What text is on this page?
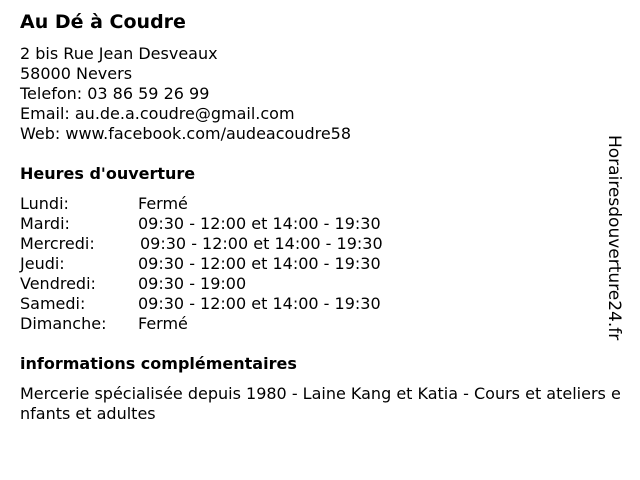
Au Dé à Coudre
2 bis Rue Jean Desveaux
58000 Nevers
Telefon: 03 86 59 26 99
Email: au.de.a.coudre@gmail.com
Web: www.facebook.com/audeacoudre58
Heures d'ouverture
Lundi:	Fermé
Mardi:	09:30 - 12:00 et 14:00 - 19:30
Mercredi:	09:30 - 12:00 et 14:00 - 19:30
Jeudi:	09:30 - 12:00 et 14:00 - 19:30
Vendredi:	09:30 - 19:00
Samedi:	09:30 - 12:00 et 14:00 - 19:30
Dimanche: Fermé
informations complémentaires
Mercerie spécialisée depuis 1980 - Laine Kang et Katia - Cours et ateliers enfants et adultes
Horairesdouverture24.fr
